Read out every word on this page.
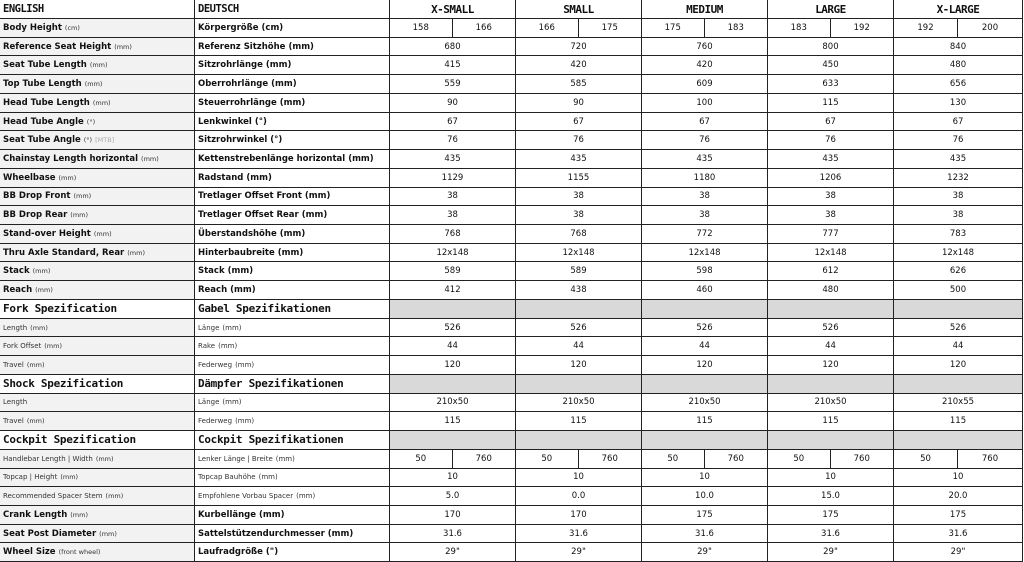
ENGLISH	DEUTSCH	X-SMALL	SMALL	MEDIUM	LARGE	X-LARGE
Body Height (cm)	Körpergröße (cm)	158	166	166	175	175	183	183	192	192	200
Reference Seat Height (mm)	Referenz Sitzhöhe (mm)	680	720	760	800	840
Seat Tube Length (mm)	Sitzrohrlänge (mm)	415	420	420	450	480
Top Tube Length (mm)	Oberrohrlänge (mm)	559	585	609	633	656
Head Tube Length (mm)	Steuerrohrlänge (mm)	90	90	100	115	130
Head Tube Angle (°)	Lenkwinkel (°)	67	67	67	67	67
Seat Tube Angle (°) [MTB]	Sitzrohrwinkel (°)	76	76	76	76	76
Chainstay Length horizontal (mm)	Kettenstrebenlänge horizontal (mm)	435	435	435	435	435
Wheelbase (mm)	Radstand (mm)	1129	1155	1180	1206	1232
BB Drop Front (mm)	Tretlager Offset Front (mm)	38	38	38	38	38
BB Drop Rear (mm)	Tretlager Offset Rear (mm)	38	38	38	38	38
Stand-over Height (mm)	Überstandshöhe (mm)	768	768	772	777	783
Thru Axle Standard, Rear (mm)	Hinterbaubreite (mm)	12x148	12x148	12x148	12x148	12x148
Stack (mm)	Stack (mm)	589	589	598	612	626
Reach (mm)	Reach (mm)	412	438	460	480	500
Fork Spezification	Gabel Spezifikationen
Length (mm)	Länge (mm)	526	526	526	526	526
Fork Offset (mm)	Rake (mm)	44	44	44	44	44
Travel (mm)	Federweg (mm)	120	120	120	120	120
Shock Spezification	Dämpfer Spezifikationen
Length	Länge (mm)	210x50	210x50	210x50	210x50	210x55
Travel (mm)	Federweg (mm)	115	115	115	115	115
Cockpit Spezification	Cockpit Spezifikationen
Handlebar Length | Width (mm)	Lenker Länge | Breite (mm)	50	760	50	760	50	760	50	760	50	760
Topcap | Height (mm)	Topcap Bauhöhe (mm)	10	10	10	10	10
Recommended Spacer Stem (mm)	Empfohlene Vorbau Spacer (mm)	5.0	0.0	10.0	15.0	20.0
Crank Length (mm)	Kurbellänge (mm)	170	170	175	175	175
Seat Post Diameter (mm)	Sattelstützendurchmesser (mm)	31.6	31.6	31.6	31.6	31.6
Wheel Size (front wheel)	Laufradgröße (")	29"	29"	29"	29"	29"
